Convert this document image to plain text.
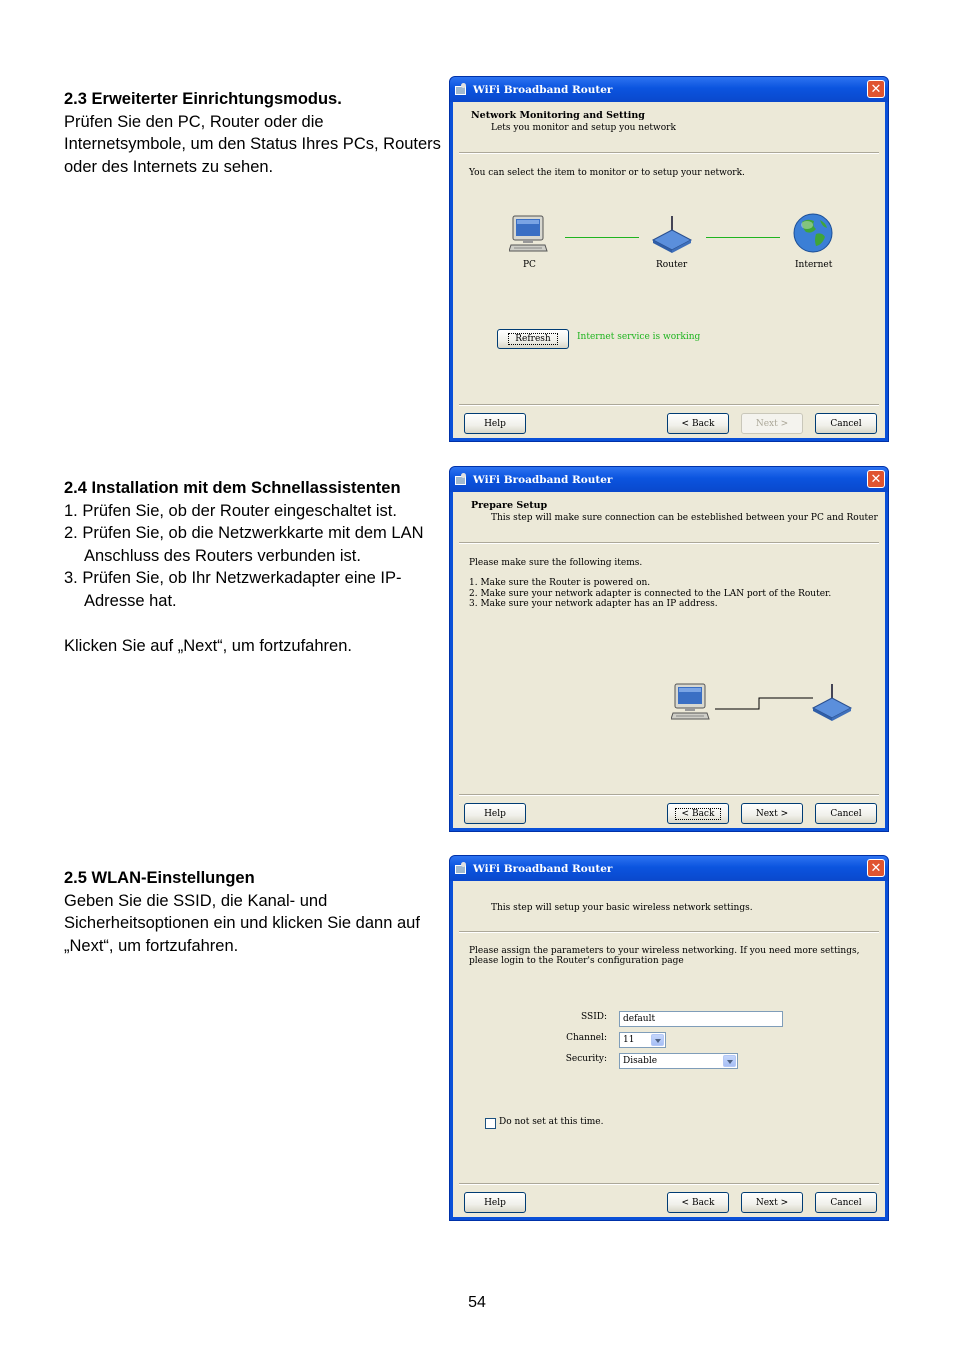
2.3 Erweiterter Einrichtungsmodus.
Prüfen Sie den PC, Router oder die Internetsymbole, um den Status Ihres PCs, Routers oder des Internets zu sehen.
2.4 Installation mit dem Schnellassistenten
1. Prüfen Sie, ob der Router eingeschaltet ist.
2. Prüfen Sie, ob die Netzwerkkarte mit dem LAN Anschluss des Routers verbunden ist.
3. Prüfen Sie, ob Ihr Netzwerkadapter eine IP-Adresse hat.
Klicken Sie auf „Next“, um fortzufahren.
2.5 WLAN-Einstellungen
Geben Sie die SSID, die Kanal- und Sicherheitsoptionen ein und klicken Sie dann auf „Next“, um fortzufahren.
WiFi Broadband Router	✕
Network Monitoring and Setting
Lets you monitor and setup you network
You can select the item to monitor or to setup your network.
PC	Router	Internet
Refresh	Internet service is working
Help	< Back	Next >	Cancel
WiFi Broadband Router	✕
Prepare Setup
This step will make sure connection can be esteblished between your PC and Router
Please make sure the following items.
1. Make sure the Router is powered on.
2. Make sure your network adapter is connected to the LAN port of the Router.
3. Make sure your network adapter has an IP address.
Help	< Back	Next >	Cancel
WiFi Broadband Router	✕
This step will setup your basic wireless network settings.
Please assign the parameters to your wireless networking. If you need more settings, please login to the Router's configuration page
SSID: default
Channel: 11
Security: Disable
Do not set at this time.
Help	< Back	Next >	Cancel
54
